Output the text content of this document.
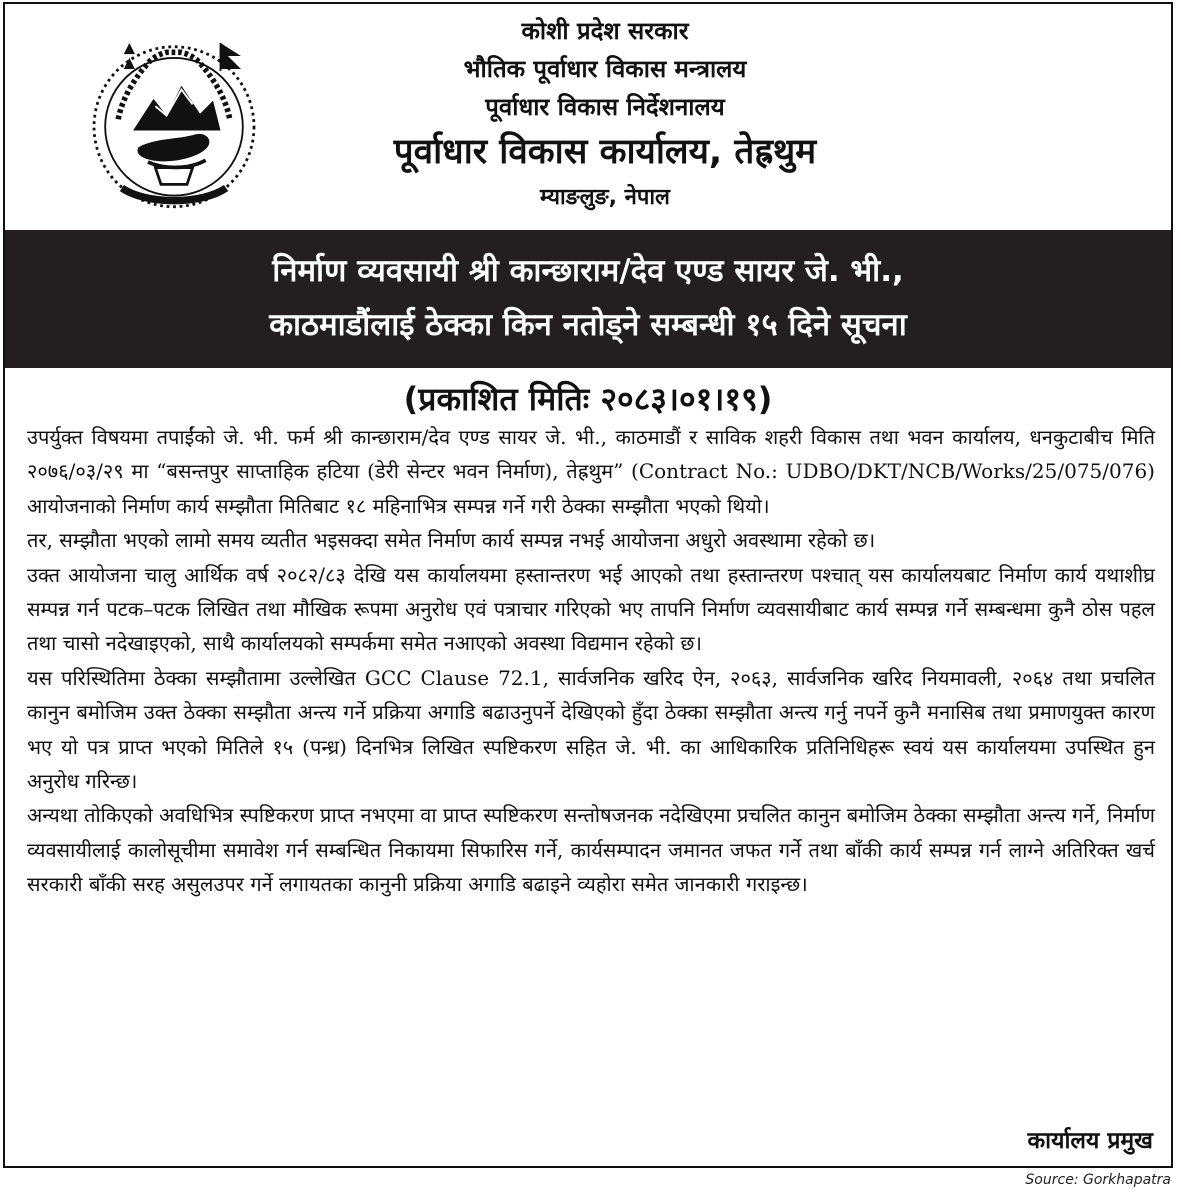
कोशी प्रदेश सरकार
भौतिक पूर्वाधार विकास मन्त्रालय
पूर्वाधार विकास निर्देशनालय
पूर्वाधार विकास कार्यालय, तेह्रथुम
म्याङलुङ, नेपाल
निर्माण व्यवसायी श्री कान्छाराम/देव एण्ड सायर जे. भी.,
काठमाडौंलाई ठेक्का किन नतोड्ने सम्बन्धी १५ दिने सूचना
(प्रकाशित मितिः २०८३।०१।१९)

उपर्युक्त विषयमा तपाईंको जे. भी. फर्म श्री कान्छाराम/देव एण्ड सायर जे. भी., काठमाडौं र साविक शहरी विकास तथा भवन कार्यालय, धनकुटाबीच मिति २०७६/०३/२९ मा “बसन्तपुर साप्ताहिक हटिया (डेरी सेन्टर भवन निर्माण), तेह्रथुम” (Contract No.: UDBO/DKT/NCB/Works/25/075/076) आयोजनाको निर्माण कार्य सम्झौता मितिबाट १८ महिनाभित्र सम्पन्न गर्ने गरी ठेक्का सम्झौता भएको थियो।

तर, सम्झौता भएको लामो समय व्यतीत भइसक्दा समेत निर्माण कार्य सम्पन्न नभई आयोजना अधुरो अवस्थामा रहेको छ।

उक्त आयोजना चालु आर्थिक वर्ष २०८२/८३ देखि यस कार्यालयमा हस्तान्तरण भई आएको तथा हस्तान्तरण पश्चात् यस कार्यालयबाट निर्माण कार्य यथाशीघ्र सम्पन्न गर्न पटक–पटक लिखित तथा मौखिक रूपमा अनुरोध एवं पत्राचार गरिएको भए तापनि निर्माण व्यवसायीबाट कार्य सम्पन्न गर्ने सम्बन्धमा कुनै ठोस पहल तथा चासो नदेखाइएको, साथै कार्यालयको सम्पर्कमा समेत नआएको अवस्था विद्यमान रहेको छ।

यस परिस्थितिमा ठेक्का सम्झौतामा उल्लेखित GCC Clause 72.1, सार्वजनिक खरिद ऐन, २०६३, सार्वजनिक खरिद नियमावली, २०६४ तथा प्रचलित कानुन बमोजिम उक्त ठेक्का सम्झौता अन्त्य गर्ने प्रक्रिया अगाडि बढाउनुपर्ने देखिएको हुँदा ठेक्का सम्झौता अन्त्य गर्नु नपर्ने कुनै मनासिब तथा प्रमाणयुक्त कारण भए यो पत्र प्राप्त भएको मितिले १५ (पन्ध्र) दिनभित्र लिखित स्पष्टिकरण सहित जे. भी. का आधिकारिक प्रतिनिधिहरू स्वयं यस कार्यालयमा उपस्थित हुन अनुरोध गरिन्छ।

अन्यथा तोकिएको अवधिभित्र स्पष्टिकरण प्राप्त नभएमा वा प्राप्त स्पष्टिकरण सन्तोषजनक नदेखिएमा प्रचलित कानुन बमोजिम ठेक्का सम्झौता अन्त्य गर्ने, निर्माण व्यवसायीलाई कालोसूचीमा समावेश गर्न सम्बन्धित निकायमा सिफारिस गर्ने, कार्यसम्पादन जमानत जफत गर्ने तथा बाँकी कार्य सम्पन्न गर्न लाग्ने अतिरिक्त खर्च सरकारी बाँकी सरह असुलउपर गर्ने लगायतका कानुनी प्रक्रिया अगाडि बढाइने व्यहोरा समेत जानकारी गराइन्छ।

कार्यालय प्रमुख
Source: Gorkhapatra
